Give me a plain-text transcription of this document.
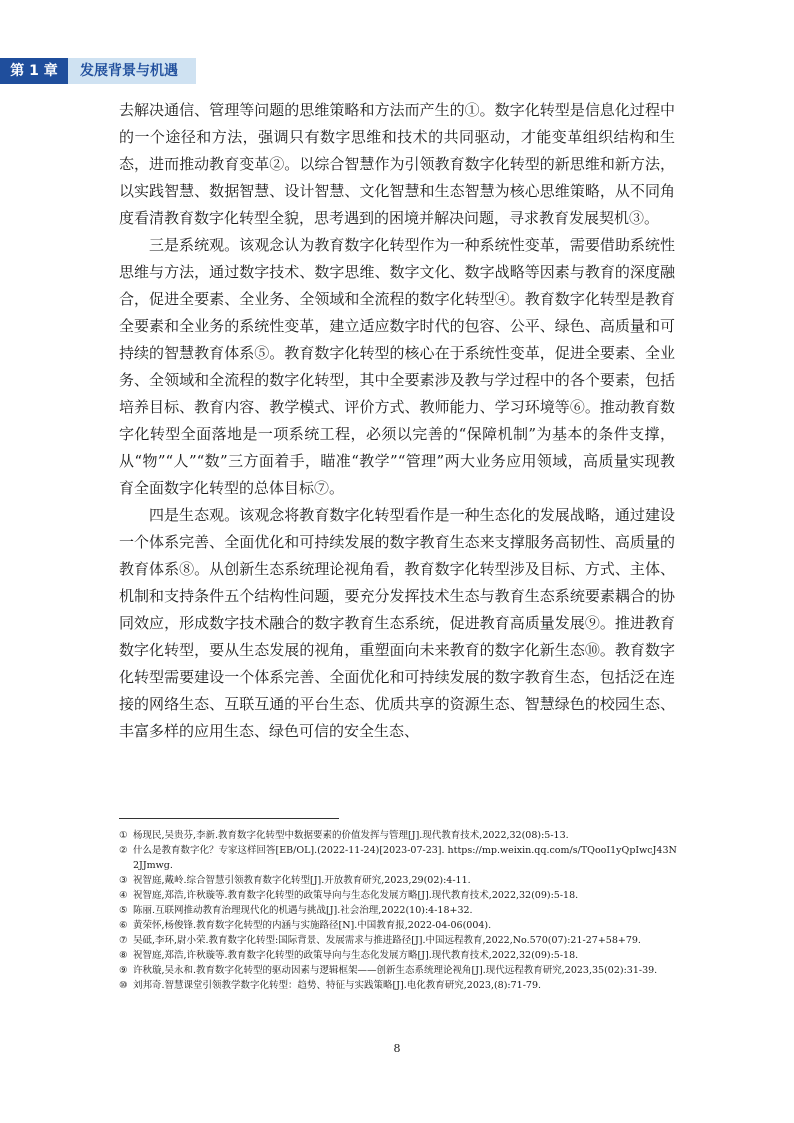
第 1 章	发展背景与机遇

去解决通信、管理等问题的思维策略和方法而产生的①。数字化转型是信息化过程中的一个途径和方法，强调只有数字思维和技术的共同驱动，才能变革组织结构和生态，进而推动教育变革②。以综合智慧作为引领教育数字化转型的新思维和新方法，以实践智慧、数据智慧、设计智慧、文化智慧和生态智慧为核心思维策略，从不同角度看清教育数字化转型全貌，思考遇到的困境并解决问题，寻求教育发展契机③。

三是系统观。该观念认为教育数字化转型作为一种系统性变革，需要借助系统性思维与方法，通过数字技术、数字思维、数字文化、数字战略等因素与教育的深度融合，促进全要素、全业务、全领域和全流程的数字化转型④。教育数字化转型是教育全要素和全业务的系统性变革，建立适应数字时代的包容、公平、绿色、高质量和可持续的智慧教育体系⑤。教育数字化转型的核心在于系统性变革，促进全要素、全业务、全领域和全流程的数字化转型，其中全要素涉及教与学过程中的各个要素，包括培养目标、教育内容、教学模式、评价方式、教师能力、学习环境等⑥。推动教育数字化转型全面落地是一项系统工程，必须以完善的“保障机制”为基本的条件支撑，从“物”“人”“数”三方面着手，瞄准“教学”“管理”两大业务应用领域，高质量实现教育全面数字化转型的总体目标⑦。

四是生态观。该观念将教育数字化转型看作是一种生态化的发展战略，通过建设一个体系完善、全面优化和可持续发展的数字教育生态来支撑服务高韧性、高质量的教育体系⑧。从创新生态系统理论视角看，教育数字化转型涉及目标、方式、主体、机制和支持条件五个结构性问题，要充分发挥技术生态与教育生态系统要素耦合的协同效应，形成数字技术融合的数字教育生态系统，促进教育高质量发展⑨。推进教育数字化转型，要从生态发展的视角，重塑面向未来教育的数字化新生态⑩。教育数字化转型需要建设一个体系完善、全面优化和可持续发展的数字教育生态，包括泛在连接的网络生态、互联互通的平台生态、优质共享的资源生态、智慧绿色的校园生态、丰富多样的应用生态、绿色可信的安全生态、

① 杨现民,吴贵芬,李新.教育数字化转型中数据要素的价值发挥与管理[J].现代教育技术,2022,32(08):5-13.

② 什么是教育数字化？专家这样回答[EB/OL].(2022-11-24)[2023-07-23]. https://mp.weixin.qq.com/s/TQooI1yQpIwcJ43N2JJmwg.

③ 祝智庭,戴岭.综合智慧引领教育数字化转型[J].开放教育研究,2023,29(02):4-11.

④ 祝智庭,郑浩,许秋璇等.教育数字化转型的政策导向与生态化发展方略[J].现代教育技术,2022,32(09):5-18.

⑤ 陈丽.互联网推动教育治理现代化的机遇与挑战[J].社会治理,2022(10):4-18+32.

⑥ 黄荣怀,杨俊锋.教育数字化转型的内涵与实施路径[N].中国教育报,2022-04-06(004).

⑦ 吴砥,李环,尉小荣.教育数字化转型:国际背景、发展需求与推进路径[J].中国远程教育,2022,No.570(07):21-27+58+79.

⑧ 祝智庭,郑浩,许秋璇等.教育数字化转型的政策导向与生态化发展方略[J].现代教育技术,2022,32(09):5-18.

⑨ 许秋璇,吴永和.教育数字化转型的驱动因素与逻辑框架——创新生态系统理论视角[J].现代远程教育研究,2023,35(02):31-39.

⑩ 刘邦奇.智慧课堂引领教学数字化转型：趋势、特征与实践策略[J].电化教育研究,2023,(8):71-79.

8
